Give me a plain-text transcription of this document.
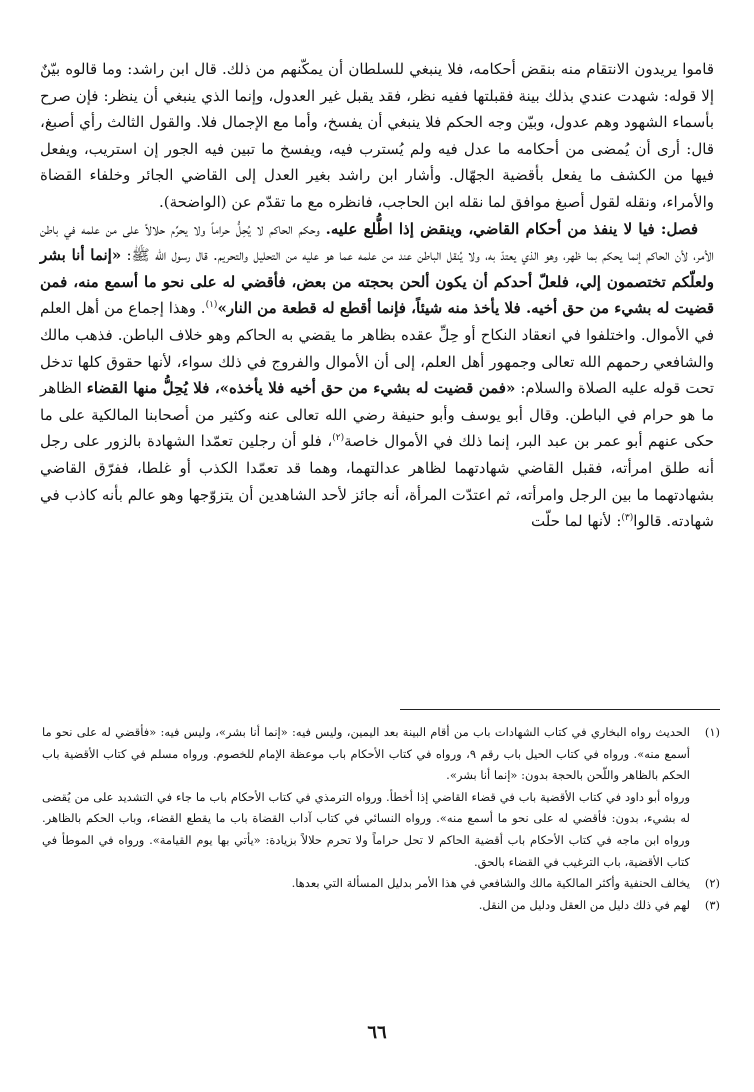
قاموا يريدون الانتقام منه بنقض أحكامه، فلا ينبغي للسلطان أن يمكّنهم من ذلك. قال ابن راشد: وما قالوه بيّنٌ إلا قوله: شهدت عندي بذلك بينة فقبلتها ففيه نظر، فقد يقبل غير العدول، وإنما الذي ينبغي أن ينظر: فإن صرح بأسماء الشهود وهم عدول، وبيّن وجه الحكم فلا ينبغي أن يفسخ، وأما مع الإجمال فلا. والقول الثالث رأي أصبغ، قال: أرى أن يُمضى من أحكامه ما عدل فيه ولم يُسترب فيه، ويفسخ ما تبين فيه الجور إن استريب، ويفعل فيها من الكشف ما يفعل بأقضية الجهّال. وأشار ابن راشد بغير العدل إلى القاضي الجائر وخلفاء القضاة والأمراء، ونقله لقول أصبغ موافق لما نقله ابن الحاجب، فانظره مع ما تقدّم عن (الواضحة).

فصل: فيا لا ينفذ من أحكام القاضي، وينقض إذا اطُّلع عليه. وحكم الحاكم لا يُحِلُّ حراماً ولا يحرِّم حلالاً على من علمه في باطن الأمر، لأن الحاكم إنما يحكم بما ظهر، وهو الذي يعتدّ به، ولا يُنقل الباطن عند من علمه عما هو عليه من التحليل والتحريم. قال رسول الله ﷺ: «إنما أنا بشر ولعلّكم تختصمون إلي، فلعلّ أحدكم أن يكون ألحن بحجته من بعض، فأقضي له على نحو ما أسمع منه، فمن قضيت له بشيء من حق أخيه. فلا يأخذ منه شيئاً، فإنما أقطع له قطعة من النار»$^{(١)}$. وهذا إجماع من أهل العلم في الأموال. واختلفوا في انعقاد النكاح أو حِلِّ عقده بظاهر ما يقضي به الحاكم وهو خلاف الباطن. فذهب مالك والشافعي رحمهم الله تعالى وجمهور أهل العلم، إلى أن الأموال والفروج في ذلك سواء، لأنها حقوق كلها تدخل تحت قوله عليه الصلاة والسلام: «فمن قضيت له بشيء من حق أخيه فلا يأخذه»، فلا يُحِلُّ منها القضاء الظاهر ما هو حرام في الباطن. وقال أبو يوسف وأبو حنيفة رضي الله تعالى عنه وكثير من أصحابنا المالكية على ما حكى عنهم أبو عمر بن عبد البر، إنما ذلك في الأموال خاصة$^{(٢)}$، فلو أن رجلين تعمّدا الشهادة بالزور على رجل أنه طلق امرأته، فقبل القاضي شهادتهما لظاهر عدالتهما، وهما قد تعمّدا الكذب أو غلطا، ففرّق القاضي بشهادتهما ما بين الرجل وامرأته، ثم اعتدّت المرأة، أنه جائز لأحد الشاهدين أن يتزوّجها وهو عالم بأنه كاذب في شهادته. قالوا$^{(٣)}$: لأنها لما حلّت

(١)
الحديث رواه البخاري في كتاب الشهادات باب من أقام البينة بعد اليمين، وليس فيه: «إنما أنا بشر»، وليس فيه: «فأقضي له على نحو ما أسمع منه». ورواه في كتاب الحيل باب رقم ٩، ورواه في كتاب الأحكام باب موعظة الإمام للخصوم. ورواه مسلم في كتاب الأقضية باب الحكم بالظاهر واللّحن بالحجة بدون: «إنما أنا بشر».

ورواه أبو داود في كتاب الأقضية باب في قضاء القاضي إذا أخطأ. ورواه الترمذي في كتاب الأحكام باب ما جاء في التشديد على من يُقضى له بشيء، بدون: فأقضي له على نحو ما أسمع منه». ورواه النسائي في كتاب آداب القضاة باب ما يقطع القضاء، وباب الحكم بالظاهر. ورواه ابن ماجه في كتاب الأحكام باب أقضية الحاكم لا تحل حراماً ولا تحرم حلالاً بزيادة: «يأتي بها يوم القيامة». ورواه في الموطأ في كتاب الأقضية، باب الترغيب في القضاء بالحق.

(٢)
يخالف الحنفية وأكثر المالكية مالك والشافعي في هذا الأمر بدليل المسألة التي بعدها.

(٣)
لهم في ذلك دليل من العقل ودليل من النقل.

٦٦
